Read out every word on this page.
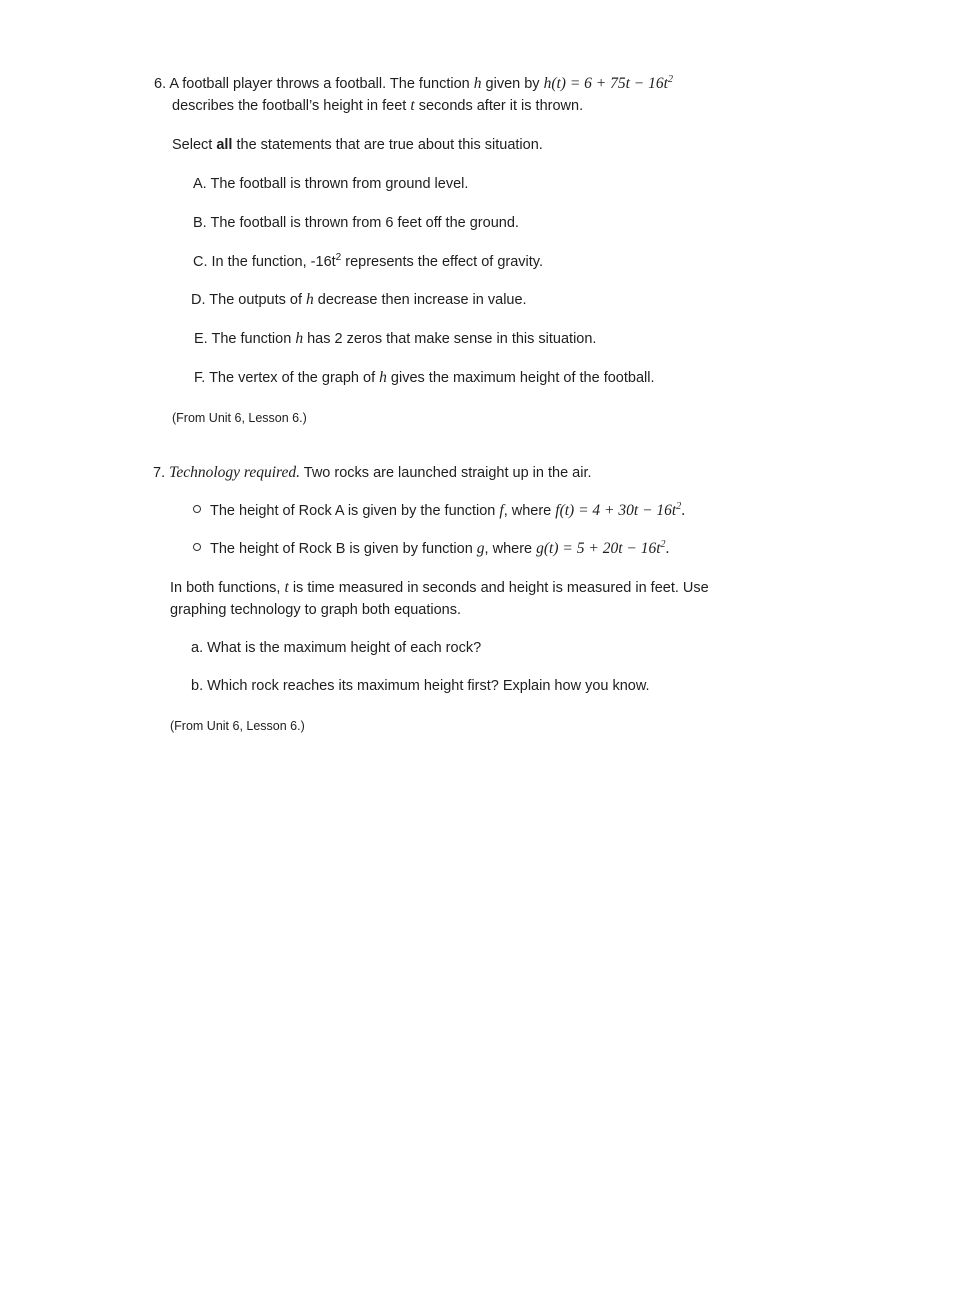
6. A football player throws a football. The function h given by $h(t) = 6 + 75t - 16t^2$
describes the football’s height in feet t seconds after it is thrown.
Select all the statements that are true about this situation.
A. The football is thrown from ground level.
B. The football is thrown from 6 feet off the ground.
C. In the function, $-16t^2$ represents the effect of gravity.
D. The outputs of h decrease then increase in value.
E. The function h has 2 zeros that make sense in this situation.
F. The vertex of the graph of h gives the maximum height of the football.
(From Unit 6, Lesson 6.)
7. Technology required. Two rocks are launched straight up in the air.
The height of Rock A is given by the function f, where $f(t) = 4 + 30t - 16t^2$.
The height of Rock B is given by function g, where $g(t) = 5 + 20t - 16t^2$.
In both functions, t is time measured in seconds and height is measured in feet. Use
graphing technology to graph both equations.
a. What is the maximum height of each rock?
b. Which rock reaches its maximum height first? Explain how you know.
(From Unit 6, Lesson 6.)
